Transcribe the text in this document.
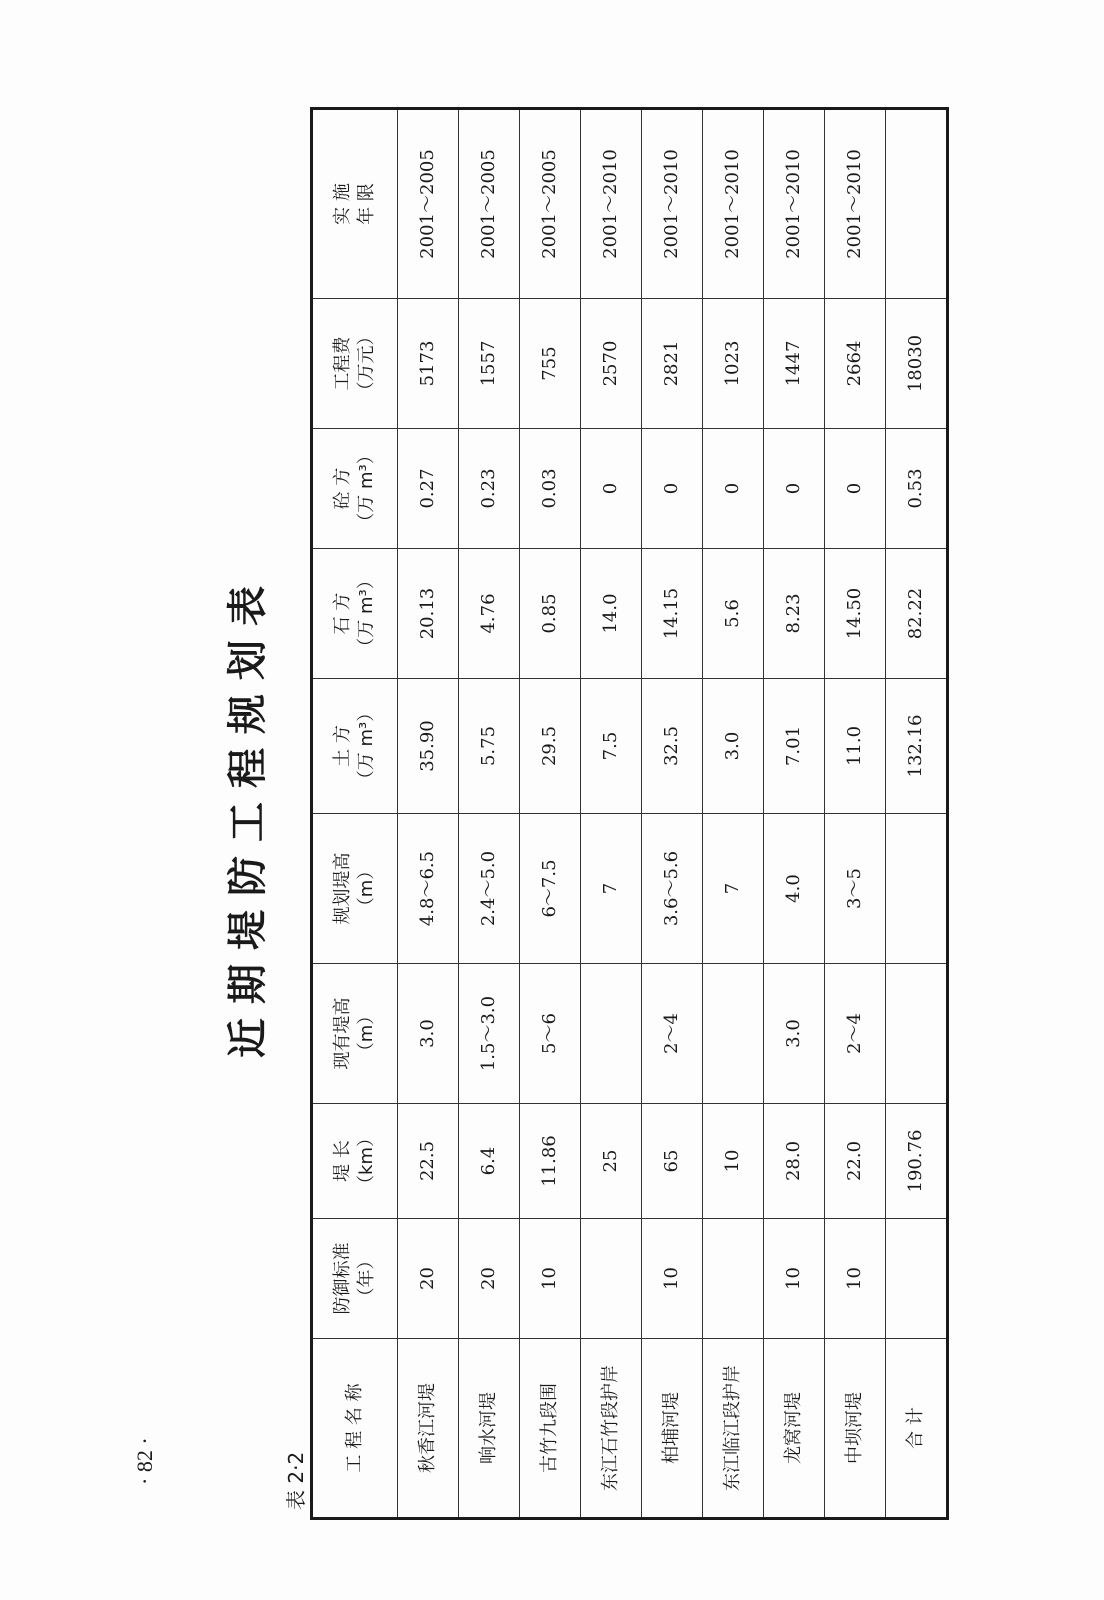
· 82 ·
近期堤防工程规划表
表 2·2
工 程 名 称	防御标准 （年）	堤 长 （km）	现有堤高 （m）	规划堤高 （m）	土 方 （万 m³）	石 方 （万 m³）	砼 方 （万 m³）	工程费 （万元）	实 施 年 限

秋香江河堤	20	22.5	3.0	4.8～6.5	35.90	20.13	0.27	5173	2001～2005
响水河堤	20	6.4	1.5～3.0	2.4～5.0	5.75	4.76	0.23	1557	2001～2005
古竹九段围	10	11.86	5～6	6～7.5	29.5	0.85	0.03	755	2001～2005
东江石竹段护岸		25		7	7.5	14.0	0	2570	2001～2010
柏埔河堤	10	65	2～4	3.6～5.6	32.5	14.15	0	2821	2001～2010
东江临江段护岸		10		7	3.0	5.6	0	1023	2001～2010
龙窝河堤	10	28.0	3.0	4.0	7.01	8.23	0	1447	2001～2010
中坝河堤	10	22.0	2～4	3～5	11.0	14.50	0	2664	2001～2010
合 计		190.76			132.16	82.22	0.53	18030	
